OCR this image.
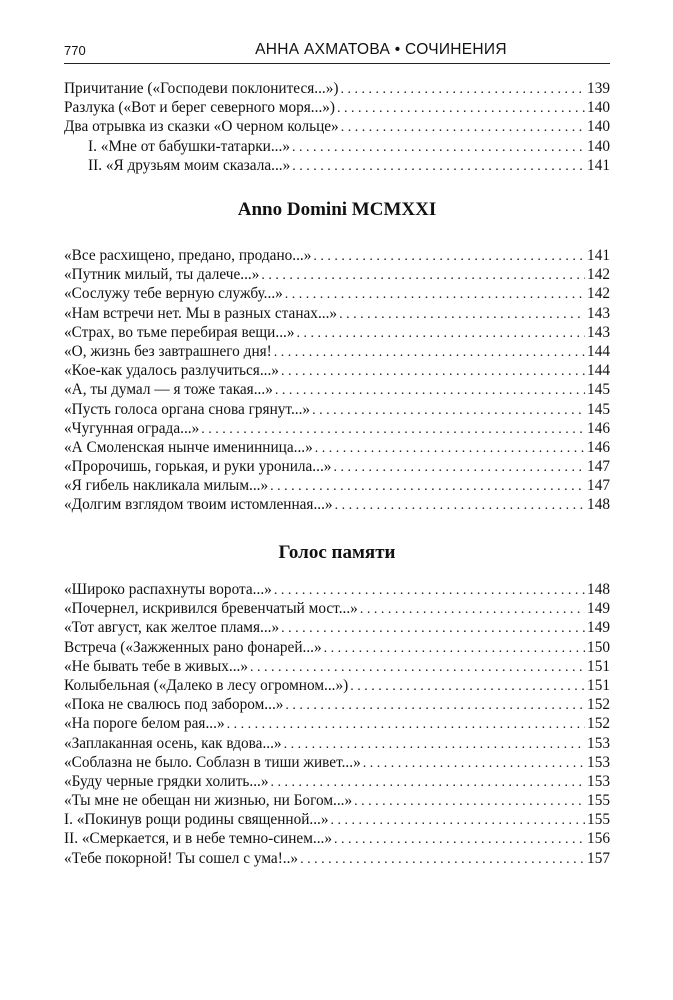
770	АННА АХМАТОВА • СОЧИНЕНИЯ
Причитание («Господеви поклонитеся...») . . .	139
Разлука («Вот и берег северного моря...») . . .	140
Два отрывка из сказки «О черном кольце» . . .	140
I. «Мне от бабушки-татарки...» . . .	140
II. «Я друзьям моим сказала...» . . .	141
Anno Domini MCMXXI
«Все расхищено, предано, продано...» . . .	141
«Путник милый, ты далече...» . . .	142
«Сослужу тебе верную службу...» . . .	142
«Нам встречи нет. Мы в разных станах...» . . .	143
«Страх, во тьме перебирая вещи...» . . .	143
«О, жизнь без завтрашнего дня! . . .	144
«Кое-как удалось разлучиться...» . . .	144
«А, ты думал — я тоже такая...» . . .	145
«Пусть голоса органа снова грянут...» . . .	145
«Чугунная ограда...» . . .	146
«А Смоленская нынче именинница...» . . .	146
«Пророчишь, горькая, и руки уронила...» . . .	147
«Я гибель накликала милым...» . . .	147
«Долгим взглядом твоим истомленная...» . . .	148
Голос памяти
«Широко распахнуты ворота...» . . .	148
«Почернел, искривился бревенчатый мост...» . . .	149
«Тот август, как желтое пламя...» . . .	149
Встреча («Зажженных рано фонарей...» . . .	150
«Не бывать тебе в живых...» . . .	151
Колыбельная («Далеко в лесу огромном...») . . .	151
«Пока не свалюсь под забором...» . . .	152
«На пороге белом рая...» . . .	152
«Заплаканная осень, как вдова...» . . .	153
«Соблазна не было. Соблазн в тиши живет...» . . .	153
«Буду черные грядки холить...» . . .	153
«Ты мне не обещан ни жизнью, ни Богом...» . . .	155
I. «Покинув рощи родины священной...» . . .	155
II. «Смеркается, и в небе темно-синем...» . . .	156
«Тебе покорной! Ты сошел с ума!..» . . .	157
